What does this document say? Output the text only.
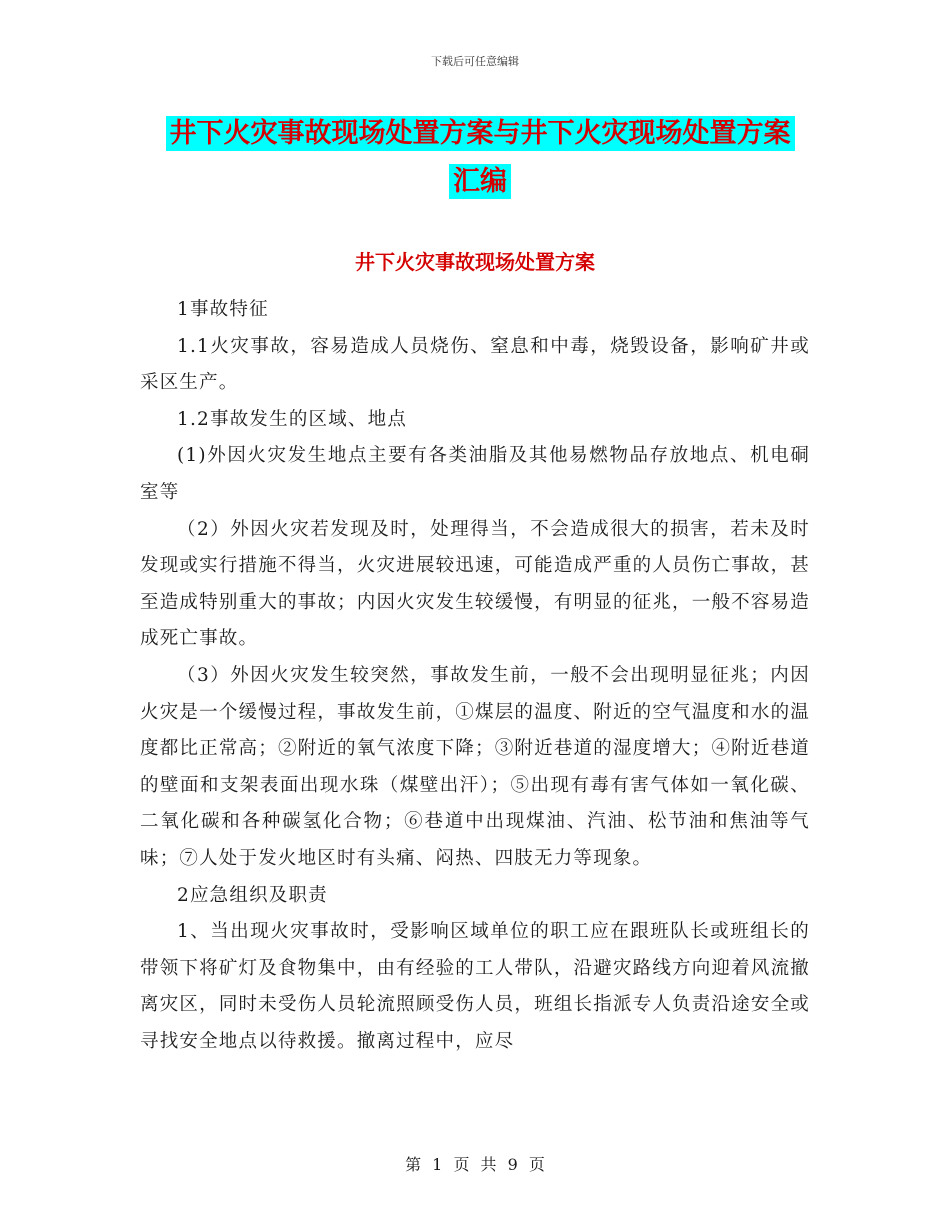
下载后可任意编辑
井下火灾事故现场处置方案与井下火灾现场处置方案
汇编
井下火灾事故现场处置方案

1事故特征

1.1火灾事故，容易造成人员烧伤、窒息和中毒，烧毁设备，影响矿井或采区生产。

1.2事故发生的区域、地点

(1)外因火灾发生地点主要有各类油脂及其他易燃物品存放地点、机电硐室等

（2）外因火灾若发现及时，处理得当，不会造成很大的损害，若未及时发现或实行措施不得当，火灾进展较迅速，可能造成严重的人员伤亡事故，甚至造成特别重大的事故；内因火灾发生较缓慢，有明显的征兆，一般不容易造成死亡事故。

（3）外因火灾发生较突然，事故发生前，一般不会出现明显征兆；内因火灾是一个缓慢过程，事故发生前，①煤层的温度、附近的空气温度和水的温度都比正常高；②附近的氧气浓度下降；③附近巷道的湿度增大；④附近巷道的壁面和支架表面出现水珠（煤壁出汗）；⑤出现有毒有害气体如一氧化碳、二氧化碳和各种碳氢化合物；⑥巷道中出现煤油、汽油、松节油和焦油等气味；⑦人处于发火地区时有头痛、闷热、四肢无力等现象。

2应急组织及职责

1、当出现火灾事故时，受影响区域单位的职工应在跟班队长或班组长的带领下将矿灯及食物集中，由有经验的工人带队，沿避灾路线方向迎着风流撤离灾区，同时未受伤人员轮流照顾受伤人员，班组长指派专人负责沿途安全或寻找安全地点以待救援。撤离过程中，应尽

第 1 页 共 9 页
